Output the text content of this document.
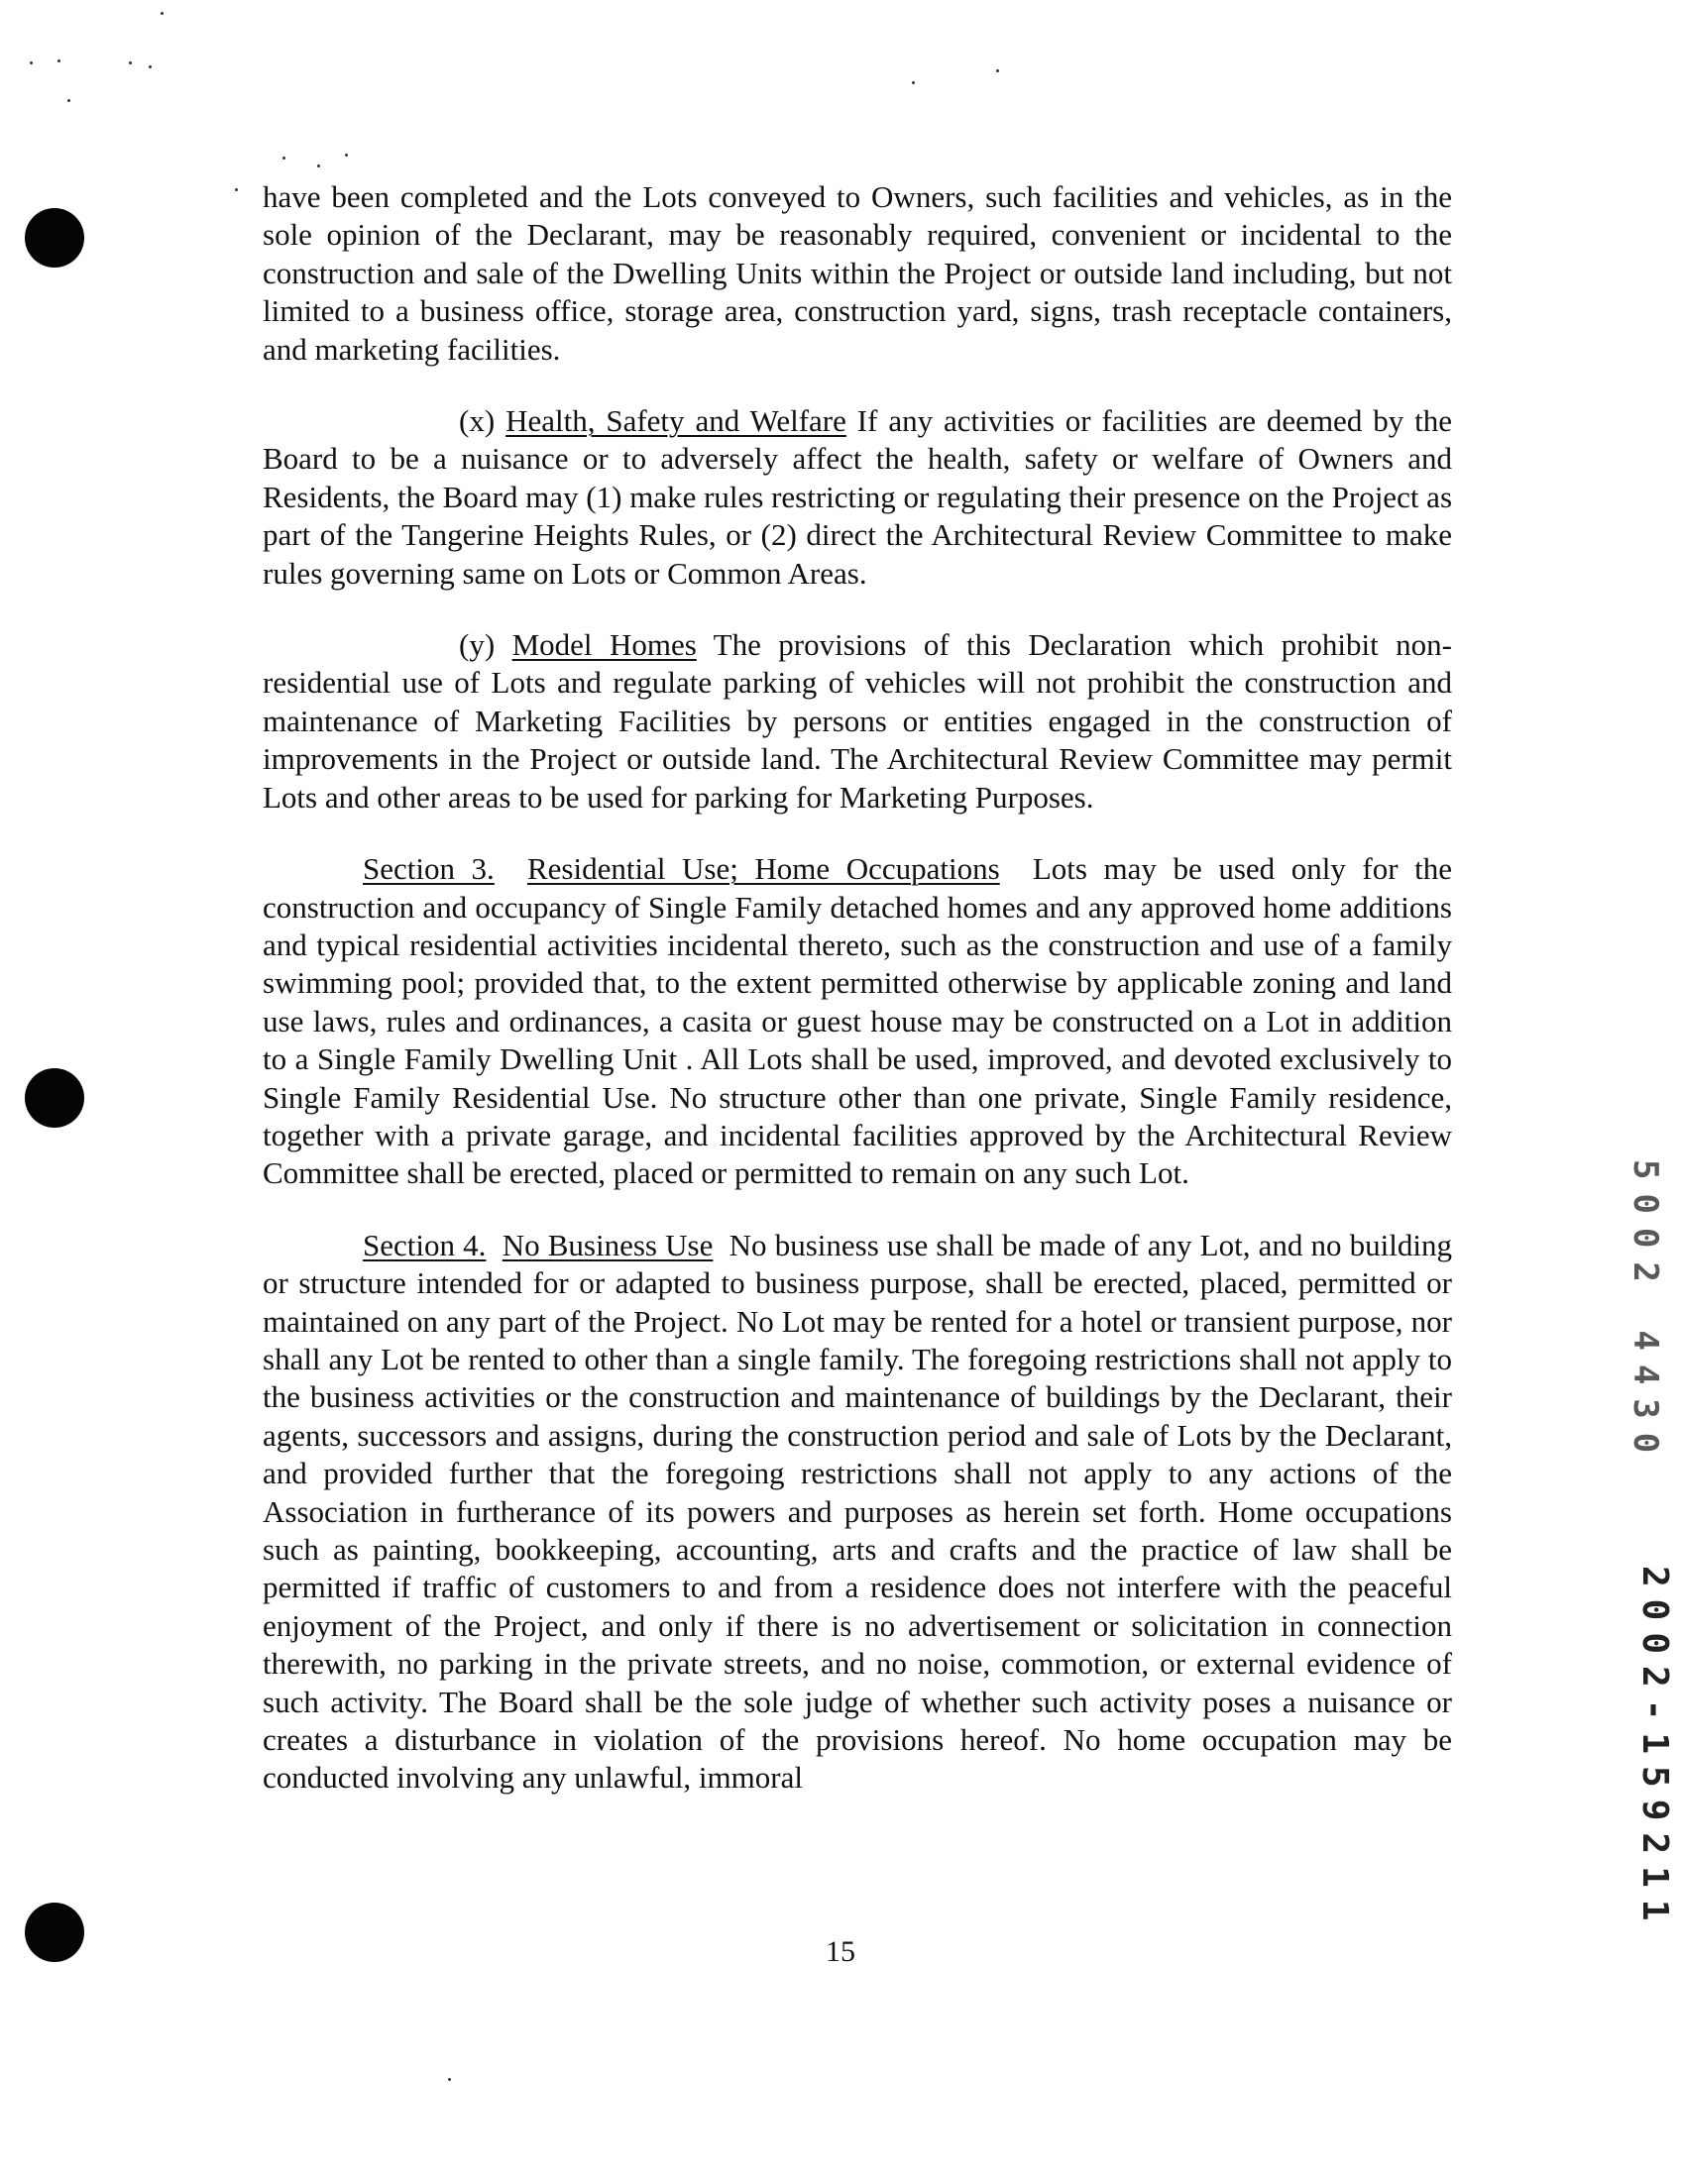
have been completed and the Lots conveyed to Owners, such facilities and vehicles, as in the sole opinion of the Declarant, may be reasonably required, convenient or incidental to the construction and sale of the Dwelling Units within the Project or outside land including, but not limited to a business office, storage area, construction yard, signs, trash receptacle containers, and marketing facilities.

(x) Health, Safety and Welfare If any activities or facilities are deemed by the Board to be a nuisance or to adversely affect the health, safety or welfare of Owners and Residents, the Board may (1) make rules restricting or regulating their presence on the Project as part of the Tangerine Heights Rules, or (2) direct the Architectural Review Committee to make rules governing same on Lots or Common Areas.

(y) Model Homes The provisions of this Declaration which prohibit non-residential use of Lots and regulate parking of vehicles will not prohibit the construction and maintenance of Marketing Facilities by persons or entities engaged in the construction of improvements in the Project or outside land. The Architectural Review Committee may permit Lots and other areas to be used for parking for Marketing Purposes.

Section 3. Residential Use; Home Occupations Lots may be used only for the construction and occupancy of Single Family detached homes and any approved home additions and typical residential activities incidental thereto, such as the construction and use of a family swimming pool; provided that, to the extent permitted otherwise by applicable zoning and land use laws, rules and ordinances, a casita or guest house may be constructed on a Lot in addition to a Single Family Dwelling Unit . All Lots shall be used, improved, and devoted exclusively to Single Family Residential Use. No structure other than one private, Single Family residence, together with a private garage, and incidental facilities approved by the Architectural Review Committee shall be erected, placed or permitted to remain on any such Lot.

Section 4. No Business Use No business use shall be made of any Lot, and no building or structure intended for or adapted to business purpose, shall be erected, placed, permitted or maintained on any part of the Project. No Lot may be rented for a hotel or transient purpose, nor shall any Lot be rented to other than a single family. The foregoing restrictions shall not apply to the business activities or the construction and maintenance of buildings by the Declarant, their agents, successors and assigns, during the construction period and sale of Lots by the Declarant, and provided further that the foregoing restrictions shall not apply to any actions of the Association in furtherance of its powers and purposes as herein set forth. Home occupations such as painting, bookkeeping, accounting, arts and crafts and the practice of law shall be permitted if traffic of customers to and from a residence does not interfere with the peaceful enjoyment of the Project, and only if there is no advertisement or solicitation in connection therewith, no parking in the private streets, and no noise, commotion, or external evidence of such activity. The Board shall be the sole judge of whether such activity poses a nuisance or creates a disturbance in violation of the provisions hereof. No home occupation may be conducted involving any unlawful, immoral

15
5002 4430
2002-159211
